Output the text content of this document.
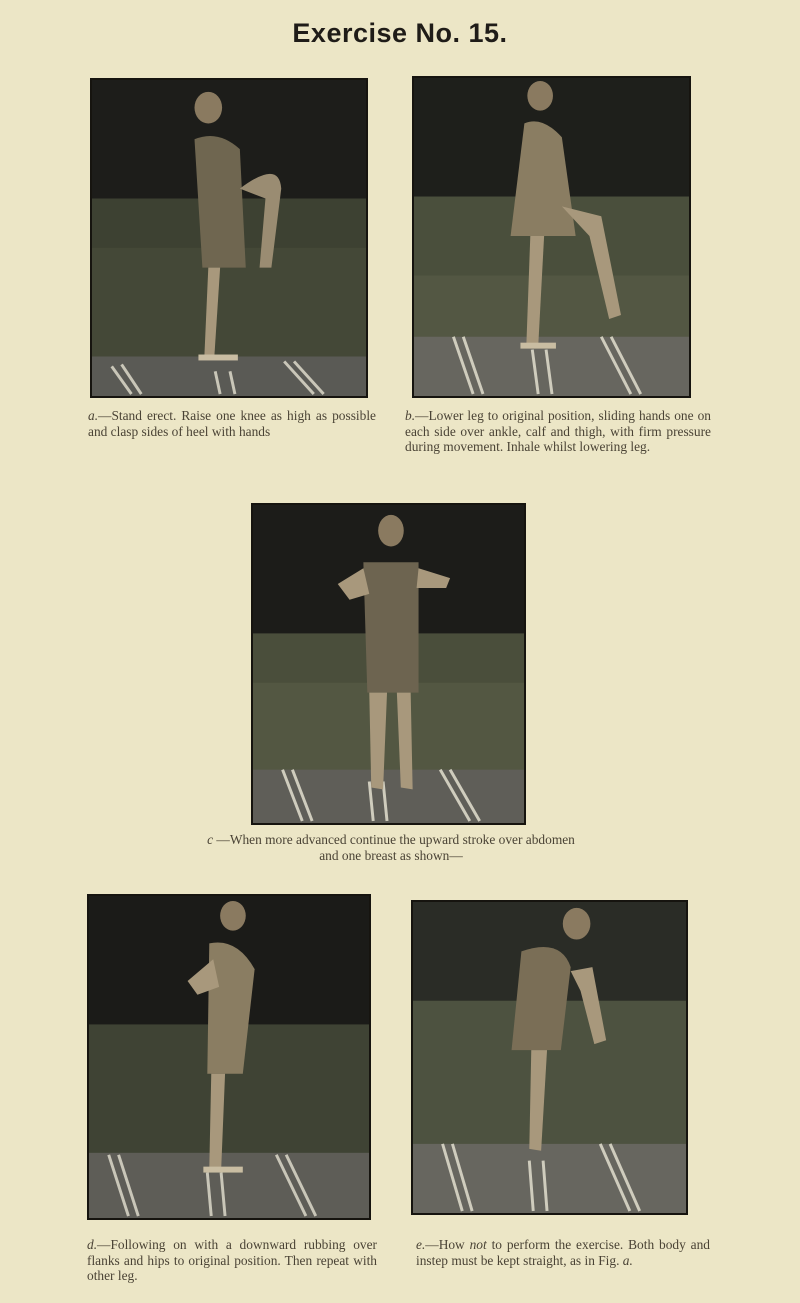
Exercise No. 15.
a.—Stand erect. Raise one knee as high as possible and clasp sides of heel with hands
b.—Lower leg to original position, sliding hands one on each side over ankle, calf and thigh, with firm pressure during movement. Inhale whilst lowering leg.
c —When more advanced continue the upward stroke over abdomen and one breast as shown—
d.—Following on with a downward rubbing over flanks and hips to original position. Then repeat with other leg.
e.—How not to perform the exercise. Both body and instep must be kept straight, as in Fig. a.
